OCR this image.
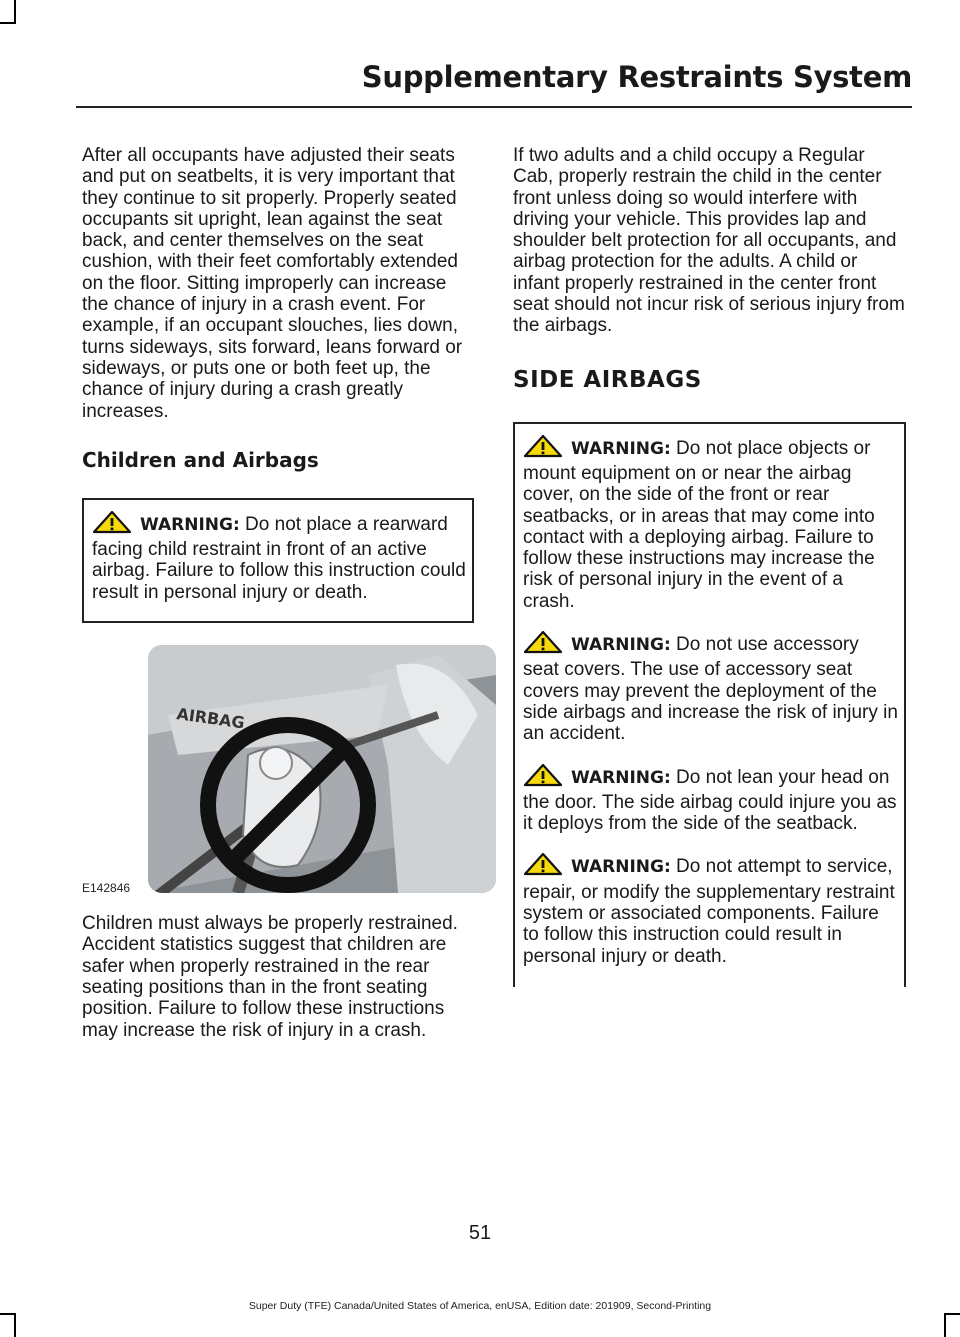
Supplementary Restraints System

After all occupants have adjusted their seats and put on seatbelts, it is very important that they continue to sit properly. Properly seated occupants sit upright, lean against the seat back, and center themselves on the seat cushion, with their feet comfortably extended on the floor. Sitting improperly can increase the chance of injury in a crash event. For example, if an occupant slouches, lies down, turns sideways, sits forward, leans forward or sideways, or puts one or both feet up, the chance of injury during a crash greatly increases.

Children and Airbags
WARNING: Do not place a rearward facing child restraint in front of an active airbag. Failure to follow this instruction could result in personal injury or death.
AIRBAG
E142846

Children must always be properly restrained. Accident statistics suggest that children are safer when properly restrained in the rear seating positions than in the front seating position. Failure to follow these instructions may increase the risk of injury in a crash.

If two adults and a child occupy a Regular Cab, properly restrain the child in the center front unless doing so would interfere with driving your vehicle. This provides lap and shoulder belt protection for all occupants, and airbag protection for the adults. A child or infant properly restrained in the center front seat should not incur risk of serious injury from the airbags.

SIDE AIRBAGS
WARNING: Do not place objects or mount equipment on or near the airbag cover, on the side of the front or rear seatbacks, or in areas that may come into contact with a deploying airbag. Failure to follow these instructions may increase the risk of personal injury in the event of a crash.
WARNING: Do not use accessory seat covers. The use of accessory seat covers may prevent the deployment of the side airbags and increase the risk of injury in an accident.
WARNING: Do not lean your head on the door. The side airbag could injure you as it deploys from the side of the seatback.
WARNING: Do not attempt to service, repair, or modify the supplementary restraint system or associated components. Failure to follow this instruction could result in personal injury or death.
51
Super Duty (TFE) Canada/United States of America, enUSA, Edition date: 201909, Second-Printing
